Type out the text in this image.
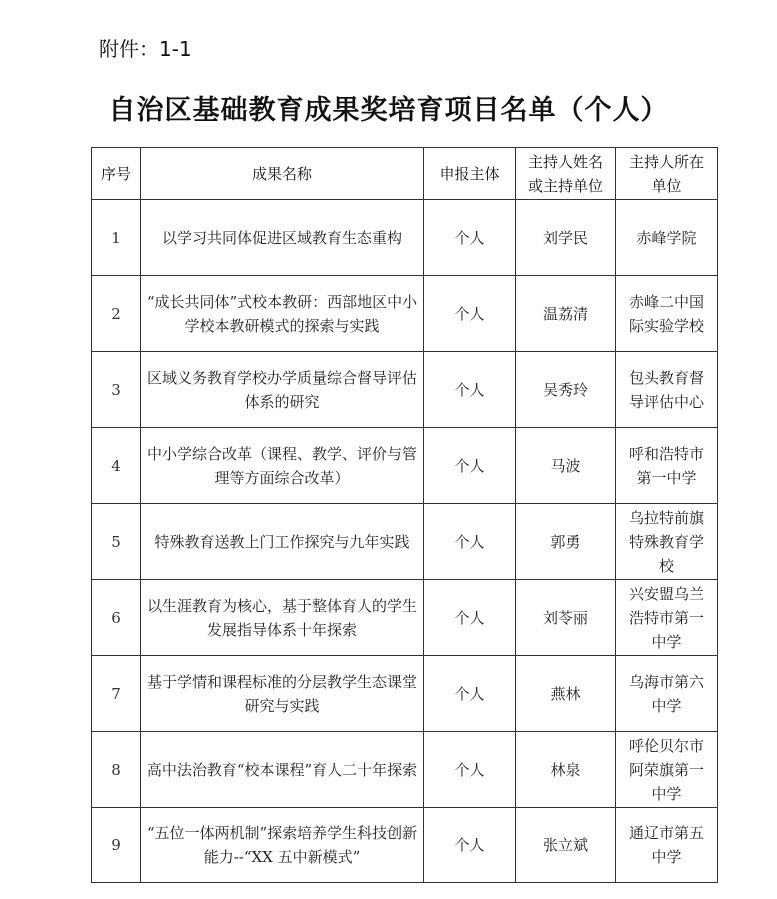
附件：1-1
自治区基础教育成果奖培育项目名单（个人）
序号	成果名称	申报主体	主持人姓名或主持单位	主持人所在单位
1	以学习共同体促进区域教育生态重构	个人	刘学民	赤峰学院
2	“成长共同体”式校本教研：西部地区中小学校本教研模式的探索与实践	个人	温荔清	赤峰二中国际实验学校
3	区域义务教育学校办学质量综合督导评估体系的研究	个人	吴秀玲	包头教育督导评估中心
4	中小学综合改革（课程、教学、评价与管理等方面综合改革）	个人	马波	呼和浩特市第一中学
5	特殊教育送教上门工作探究与九年实践	个人	郭勇	乌拉特前旗特殊教育学校
6	以生涯教育为核心，基于整体育人的学生发展指导体系十年探索	个人	刘苓丽	兴安盟乌兰浩特市第一中学
7	基于学情和课程标准的分层教学生态课堂研究与实践	个人	燕林	乌海市第六中学
8	高中法治教育“校本课程”育人二十年探索	个人	林泉	呼伦贝尔市阿荣旗第一中学
9	“五位一体两机制”探索培养学生科技创新能力--“XX 五中新模式”	个人	张立斌	通辽市第五中学
